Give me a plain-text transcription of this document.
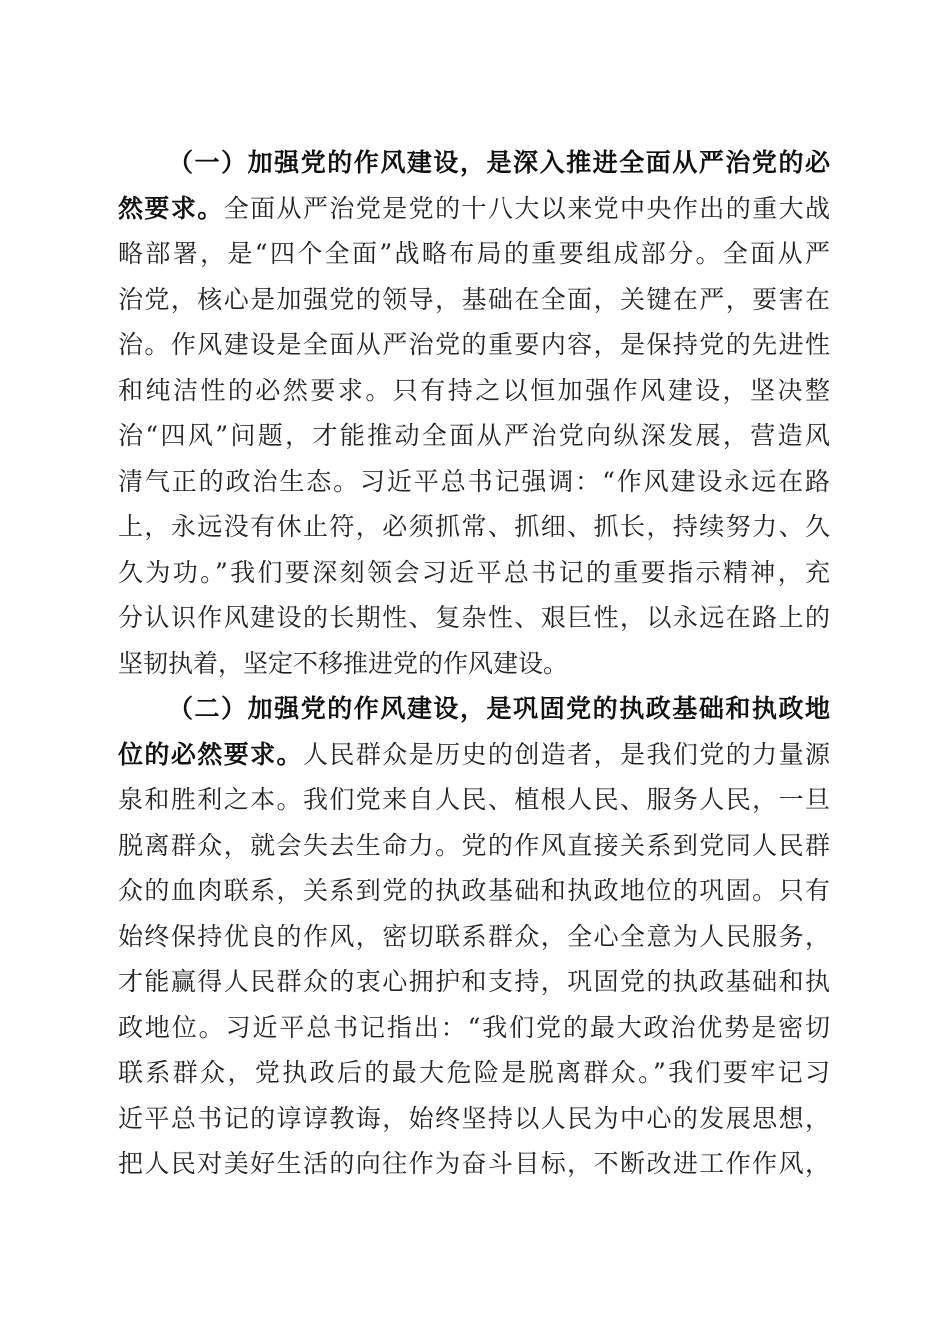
（一）加强党的作风建设，是深入推进全面从严治党的必
然要求。全面从严治党是党的十八大以来党中央作出的重大战
略部署，是“四个全面”战略布局的重要组成部分。全面从严
治党，核心是加强党的领导，基础在全面，关键在严，要害在
治。作风建设是全面从严治党的重要内容，是保持党的先进性
和纯洁性的必然要求。只有持之以恒加强作风建设，坚决整
治“四风”问题，才能推动全面从严治党向纵深发展，营造风
清气正的政治生态。习近平总书记强调：“作风建设永远在路
上，永远没有休止符，必须抓常、抓细、抓长，持续努力、久
久为功。”我们要深刻领会习近平总书记的重要指示精神，充
分认识作风建设的长期性、复杂性、艰巨性，以永远在路上的
坚韧执着，坚定不移推进党的作风建设。
（二）加强党的作风建设，是巩固党的执政基础和执政地
位的必然要求。人民群众是历史的创造者，是我们党的力量源
泉和胜利之本。我们党来自人民、植根人民、服务人民，一旦
脱离群众，就会失去生命力。党的作风直接关系到党同人民群
众的血肉联系，关系到党的执政基础和执政地位的巩固。只有
始终保持优良的作风，密切联系群众，全心全意为人民服务，
才能赢得人民群众的衷心拥护和支持，巩固党的执政基础和执
政地位。习近平总书记指出：“我们党的最大政治优势是密切
联系群众，党执政后的最大危险是脱离群众。”我们要牢记习
近平总书记的谆谆教诲，始终坚持以人民为中心的发展思想，
把人民对美好生活的向往作为奋斗目标，不断改进工作作风，
